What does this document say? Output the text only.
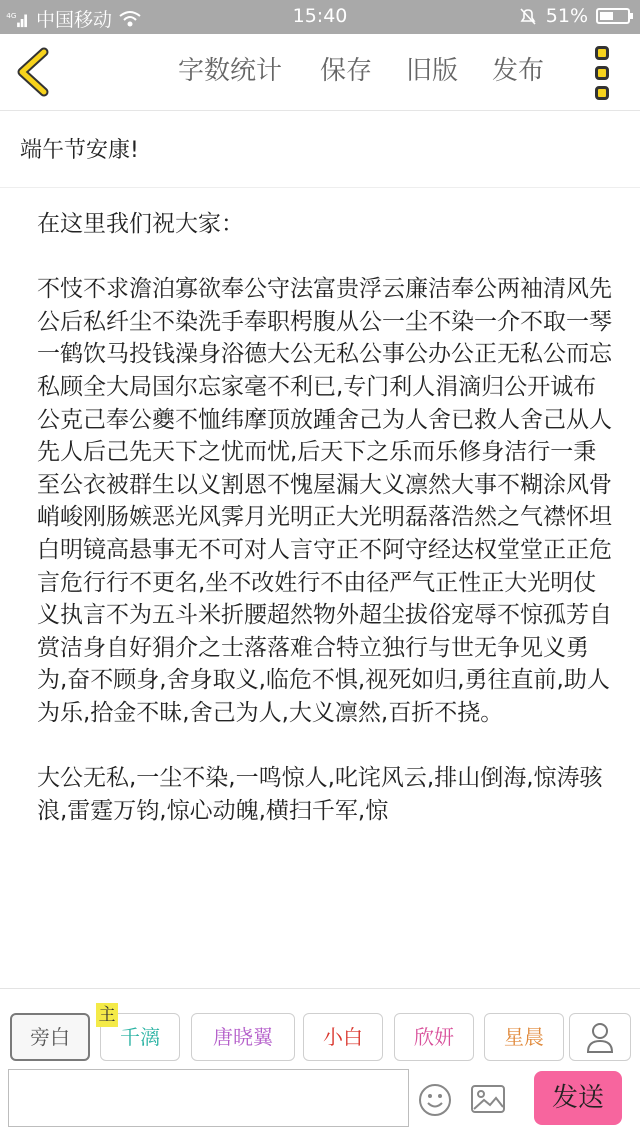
4G 中国移动	15:40	51%
字数统计 保存 旧版 发布
端午节安康!

在这里我们祝大家：

不忮不求澹泊寡欲奉公守法富贵浮云廉洁奉公两袖清风先公后私纤尘不染洗手奉职枵腹从公一尘不染一介不取一琴一鹤饮马投钱澡身浴德大公无私公事公办公正无私公而忘私顾全大局国尔忘家毫不利已,专门利人涓滴归公开诚布公克己奉公夔不恤纬摩顶放踵舍己为人舍已救人舍己从人先人后己先天下之忧而忧,后天下之乐而乐修身洁行一秉至公衣被群生以义割恩不愧屋漏大义凛然大事不糊涂风骨峭峻刚肠嫉恶光风霁月光明正大光明磊落浩然之气襟怀坦白明镜高悬事无不可对人言守正不阿守经达权堂堂正正危言危行行不更名,坐不改姓行不由径严气正性正大光明仗义执言不为五斗米折腰超然物外超尘拔俗宠辱不惊孤芳自赏洁身自好狷介之士落落难合特立独行与世无争见义勇为,奋不顾身,舍身取义,临危不惧,视死如归,勇往直前,助人为乐,拾金不昧,舍己为人,大义凛然,百折不挠。

大公无私,一尘不染,一鸣惊人,叱诧风云,排山倒海,惊涛骇浪,雷霆万钧,惊心动魄,横扫千军,惊

旁白	千漓
主
唐晓翼	小白	欣妍	星晨
发送
